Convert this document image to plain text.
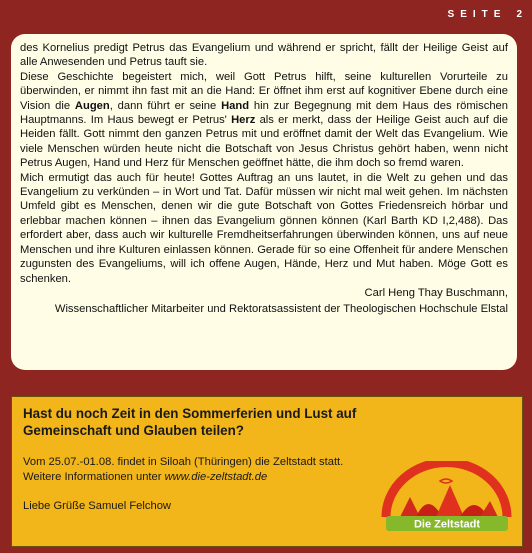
SEITE 2

des Kornelius predigt Petrus das Evangelium und während er spricht, fällt der Heilige Geist auf alle Anwesenden und Petrus tauft sie.

Diese Geschichte begeistert mich, weil Gott Petrus hilft, seine kulturellen Vorurteile zu überwinden, er nimmt ihn fast mit an die Hand: Er öffnet ihm erst auf kognitiver Ebene durch eine Vision die Augen, dann führt er seine Hand hin zur Begegnung mit dem Haus des römischen Hauptmanns. Im Haus bewegt er Petrus' Herz als er merkt, dass der Heilige Geist auch auf die Heiden fällt. Gott nimmt den ganzen Petrus mit und eröffnet damit der Welt das Evangelium. Wie viele Menschen würden heute nicht die Botschaft von Jesus Christus gehört haben, wenn nicht Petrus Augen, Hand und Herz für Menschen geöffnet hätte, die ihm doch so fremd waren.

Mich ermutigt das auch für heute! Gottes Auftrag an uns lautet, in die Welt zu gehen und das Evangelium zu verkünden – in Wort und Tat. Dafür müssen wir nicht mal weit gehen. Im nächsten Umfeld gibt es Menschen, denen wir die gute Botschaft von Gottes Friedensreich hörbar und erlebbar machen können – ihnen das Evangelium gönnen können (Karl Barth KD I,2,488). Das erfordert aber, dass auch wir kulturelle Fremdheitserfahrungen überwinden können, uns auf neue Menschen und ihre Kulturen einlassen können. Gerade für so eine Offenheit für andere Menschen zugunsten des Evangeliums, will ich offene Augen, Hände, Herz und Mut haben. Möge Gott es schenken.

Carl Heng Thay Buschmann,

Wissenschaftlicher Mitarbeiter und Rektoratsassistent der Theologischen Hochschule Elstal

Hast du noch Zeit in den Sommerferien und Lust auf Gemeinschaft und Glauben teilen?
Vom 25.07.-01.08. findet in Siloah (Thüringen) die Zeltstadt statt.
Weitere Informationen unter www.die-zeltstadt.de
Liebe Grüße Samuel Felchow
Die Zeltstadt
